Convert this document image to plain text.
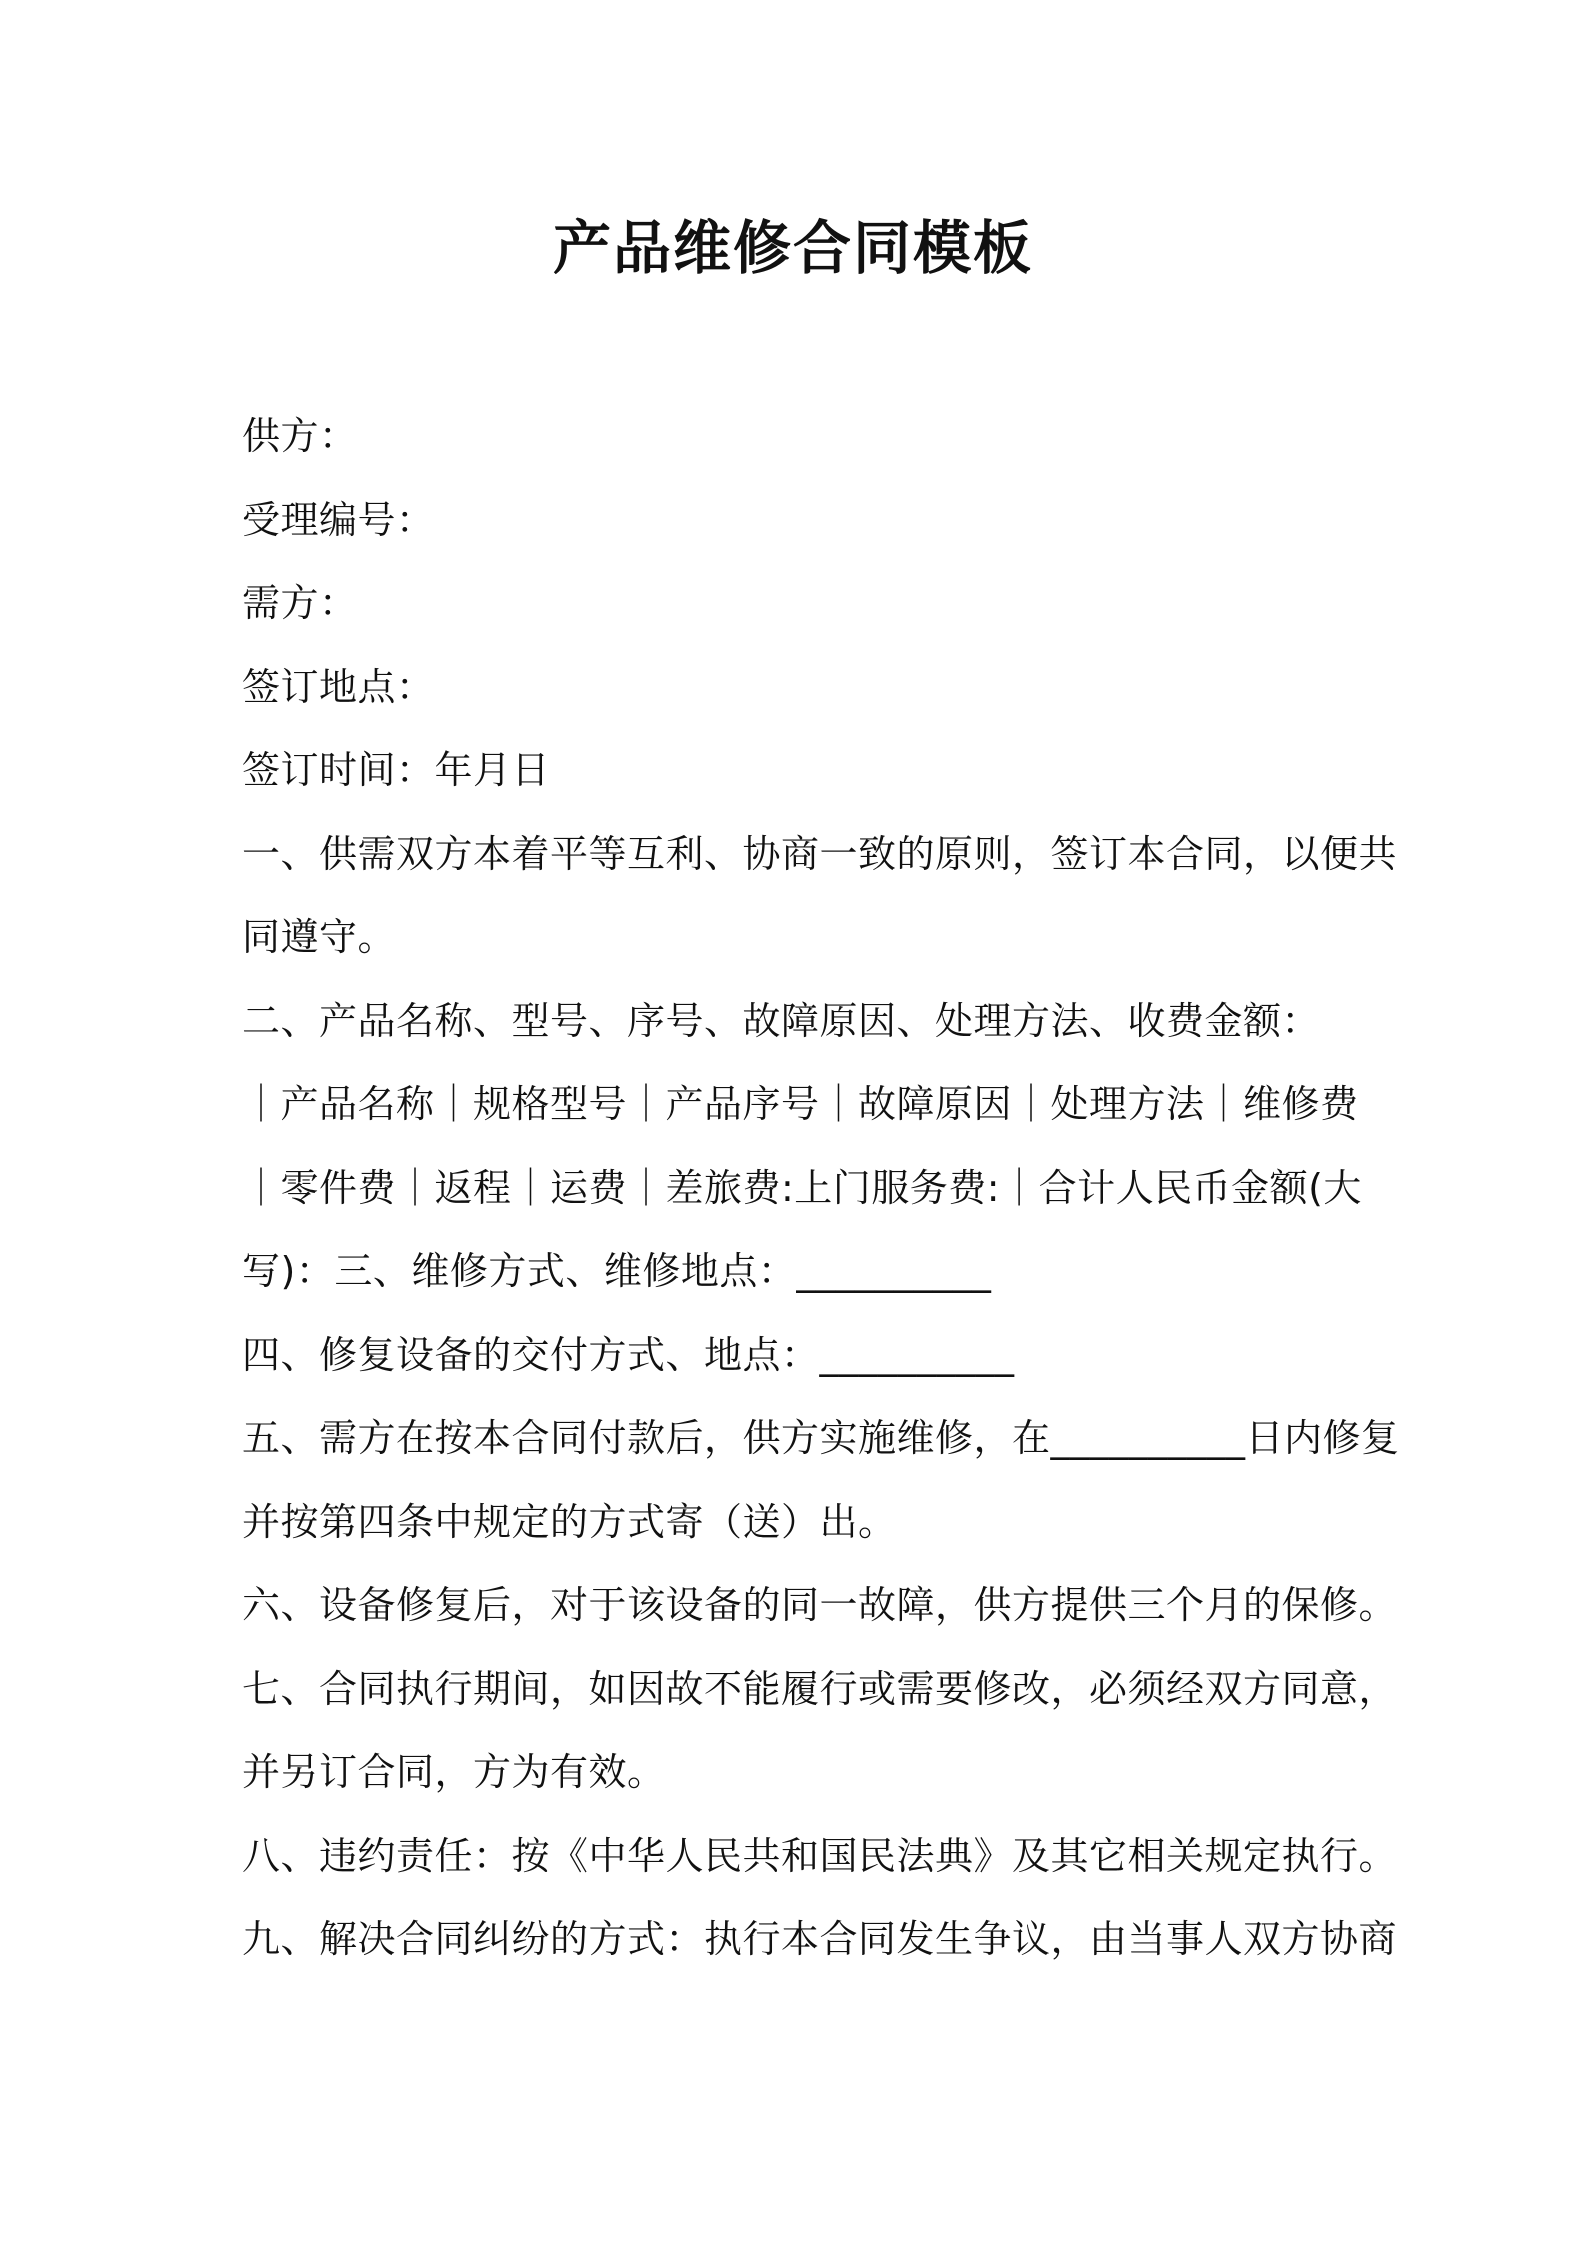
产品维修合同模板
供方：
受理编号：
需方：
签订地点：
签订时间：年月日
一、供需双方本着平等互利、协商一致的原则，签订本合同，以便共
同遵守。
二、产品名称、型号、序号、故障原因、处理方法、收费金额：
｜产品名称｜规格型号｜产品序号｜故障原因｜处理方法｜维修费
｜零件费｜返程｜运费｜差旅费:上门服务费:｜合计人民币金额(大
写)：三、维修方式、维修地点：__________
四、修复设备的交付方式、地点：__________
五、需方在按本合同付款后，供方实施维修，在__________日内修复
并按第四条中规定的方式寄（送）出。
六、设备修复后，对于该设备的同一故障，供方提供三个月的保修。
七、合同执行期间，如因故不能履行或需要修改，必须经双方同意，
并另订合同，方为有效。
八、违约责任：按《中华人民共和国民法典》及其它相关规定执行。
九、解决合同纠纷的方式：执行本合同发生争议，由当事人双方协商
